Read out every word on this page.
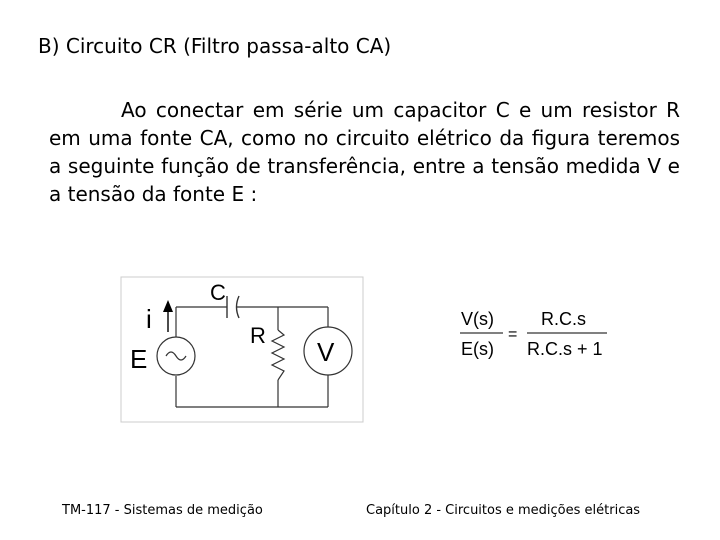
B) Circuito CR (Filtro passa-alto CA)
Ao conectar em série um capacitor C e um resistor R em uma fonte CA, como no circuito elétrico da figura teremos a seguinte função de transferência, entre a tensão medida V e a tensão da fonte E :
C
i
R
E	V
V(s)
E(s)
=
R.C.s
R.C.s + 1
TM-117 - Sistemas de medição	Capítulo 2 - Circuitos e medições elétricas
